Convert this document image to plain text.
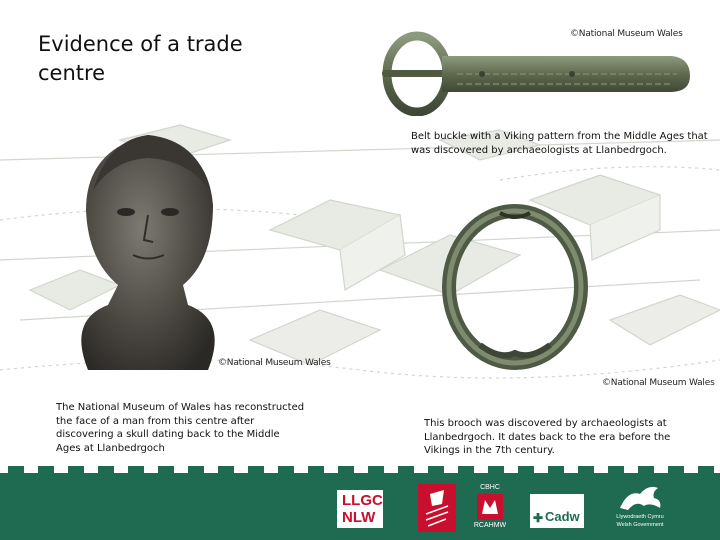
Evidence of a trade centre
©National Museum Wales
Belt buckle with a Viking pattern from the Middle Ages that was discovered by archaeologists at Llanbedrgoch.
©National Museum Wales
The National Museum of Wales has reconstructed the face of a man from this centre after discovering a skull dating back to the Middle Ages at Llanbedrgoch
©National Museum Wales
This brooch was discovered by archaeologists at Llanbedrgoch. It dates back to the era before the Vikings in the 7th century.
LLGC
NLW
CBHC
RCAHMW
✚ Cadw	Llywodraeth Cymru
Welsh Government
